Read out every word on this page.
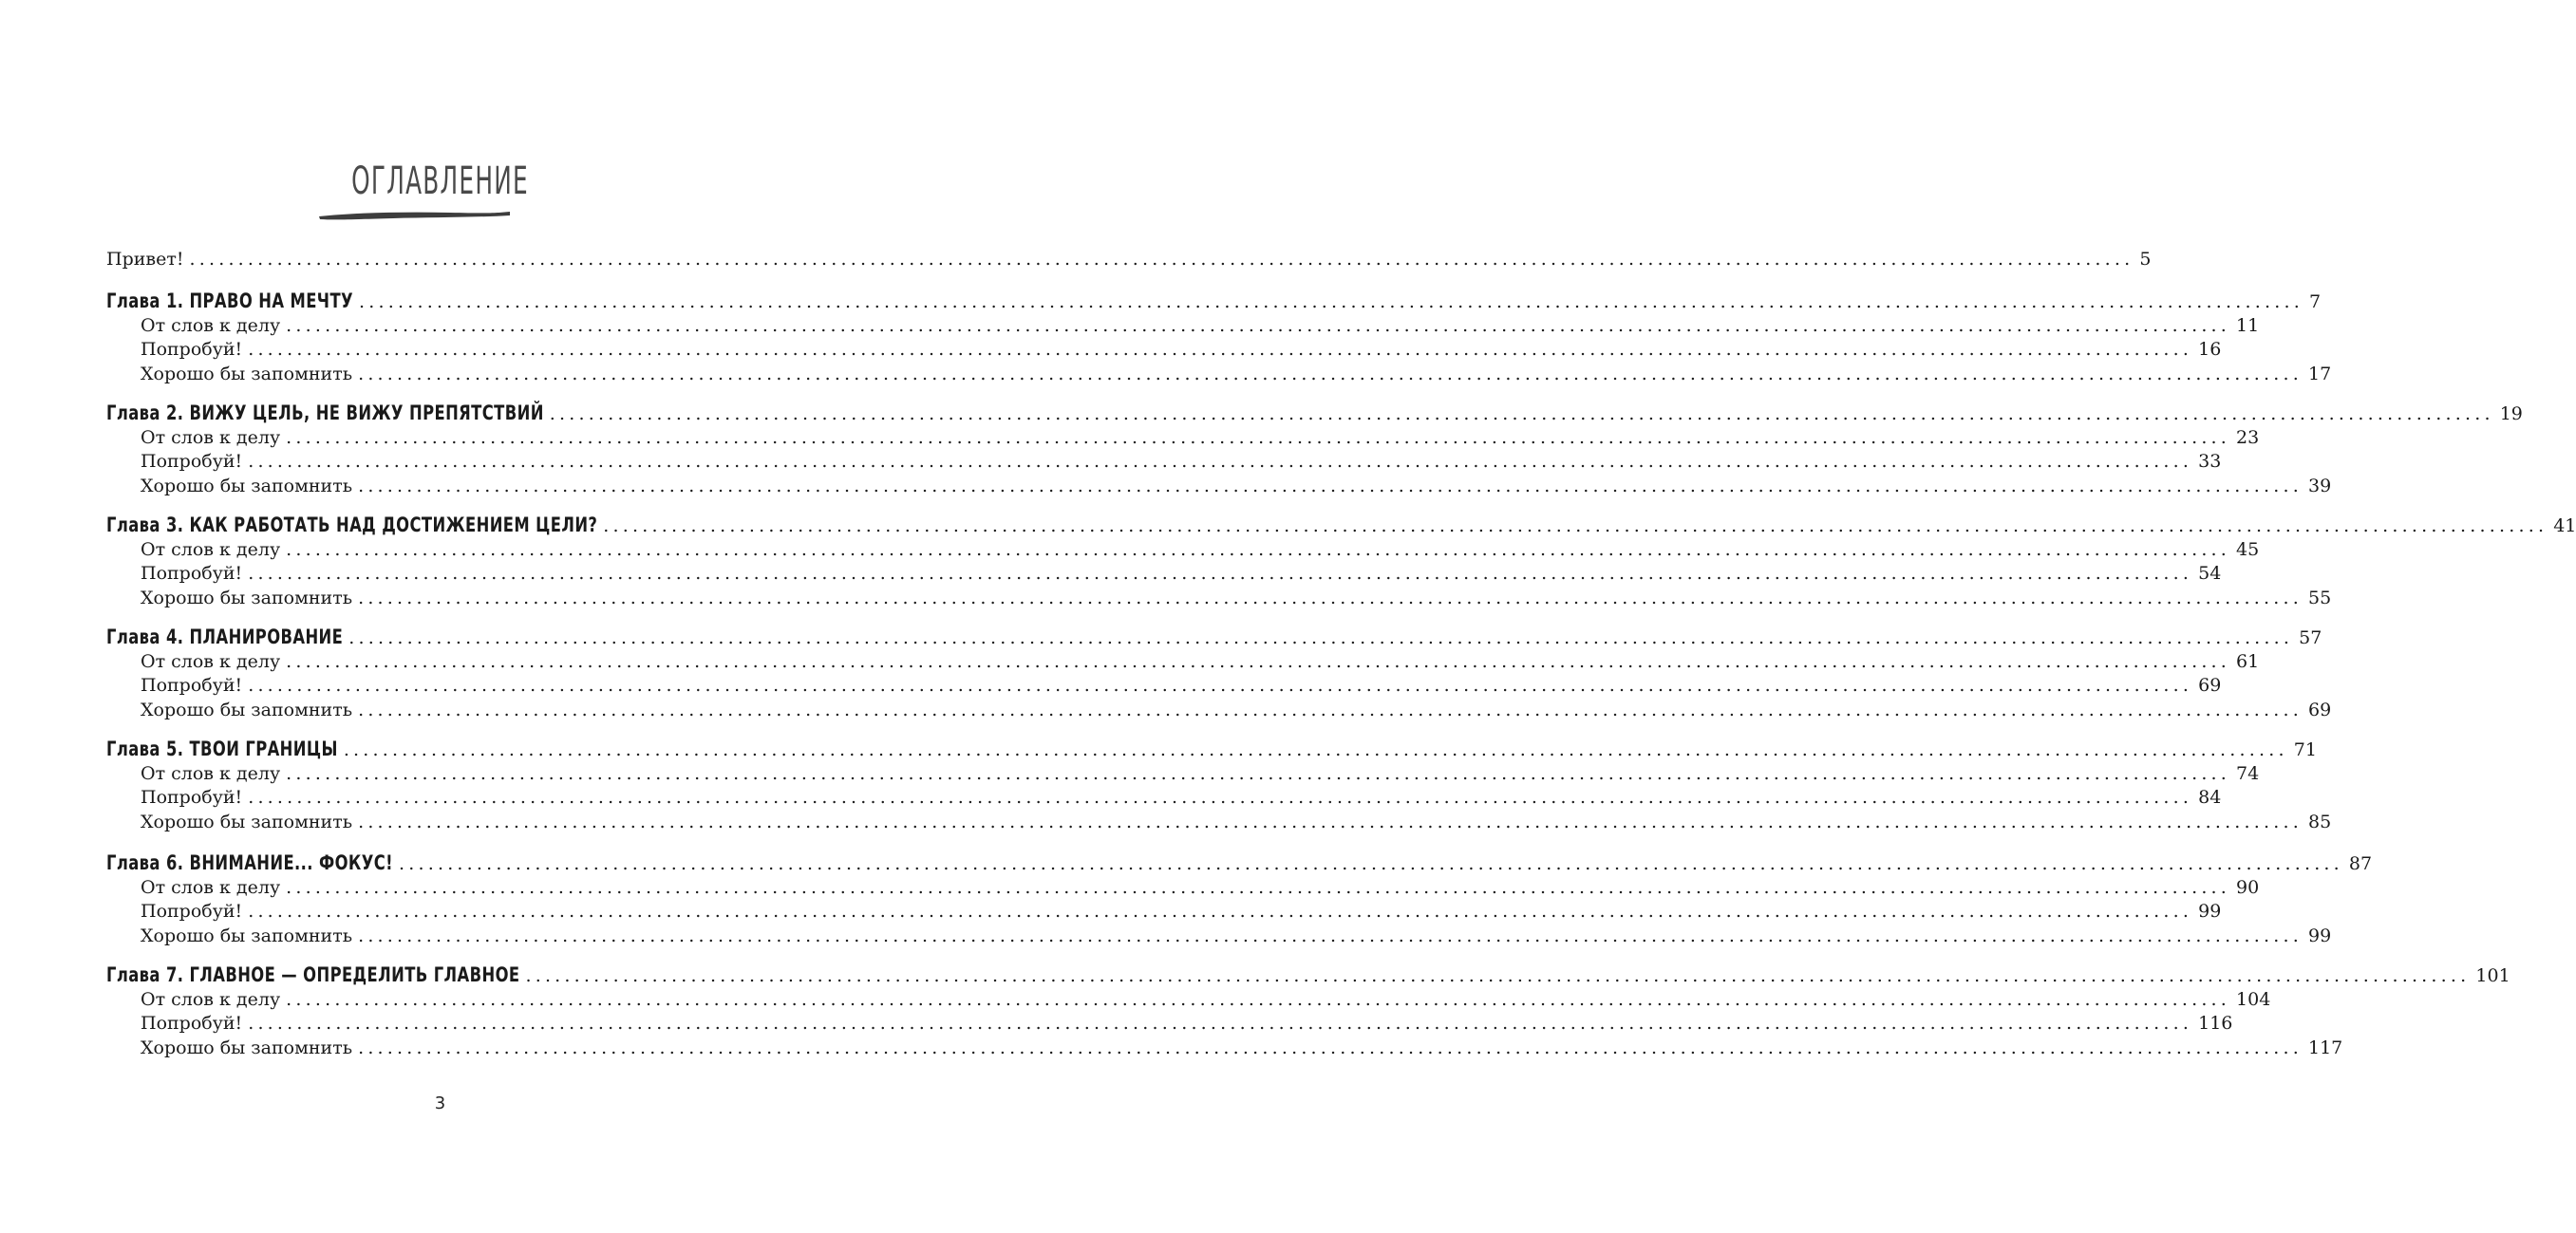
ОГЛАВЛЕНИЕ
Привет! ........................................................................................................................................................................................................ 5
Глава 1. ПРАВО НА МЕЧТУ ........................................................................................................................................................................................................ 7
От слов к делу ........................................................................................................................................................................................................ 11
Попробуй! ........................................................................................................................................................................................................ 16
Хорошо бы запомнить ........................................................................................................................................................................................................ 17
Глава 2. ВИЖУ ЦЕЛЬ, НЕ ВИЖУ ПРЕПЯТСТВИЙ ........................................................................................................................................................................................................ 19
От слов к делу ........................................................................................................................................................................................................ 23
Попробуй! ........................................................................................................................................................................................................ 33
Хорошо бы запомнить ........................................................................................................................................................................................................ 39
Глава 3. КАК РАБОТАТЬ НАД ДОСТИЖЕНИЕМ ЦЕЛИ? ........................................................................................................................................................................................................ 41
От слов к делу ........................................................................................................................................................................................................ 45
Попробуй! ........................................................................................................................................................................................................ 54
Хорошо бы запомнить ........................................................................................................................................................................................................ 55
Глава 4. ПЛАНИРОВАНИЕ ........................................................................................................................................................................................................ 57
От слов к делу ........................................................................................................................................................................................................ 61
Попробуй! ........................................................................................................................................................................................................ 69
Хорошо бы запомнить ........................................................................................................................................................................................................ 69
Глава 5. ТВОИ ГРАНИЦЫ ........................................................................................................................................................................................................ 71
От слов к делу ........................................................................................................................................................................................................ 74
Попробуй! ........................................................................................................................................................................................................ 84
Хорошо бы запомнить ........................................................................................................................................................................................................ 85
Глава 6. ВНИМАНИЕ... ФОКУС! ........................................................................................................................................................................................................ 87
От слов к делу ........................................................................................................................................................................................................ 90
Попробуй! ........................................................................................................................................................................................................ 99
Хорошо бы запомнить ........................................................................................................................................................................................................ 99
Глава 7. ГЛАВНОЕ — ОПРЕДЕЛИТЬ ГЛАВНОЕ ........................................................................................................................................................................................................ 101
От слов к делу ........................................................................................................................................................................................................ 104
Попробуй! ........................................................................................................................................................................................................ 116
Хорошо бы запомнить ........................................................................................................................................................................................................ 117
3
